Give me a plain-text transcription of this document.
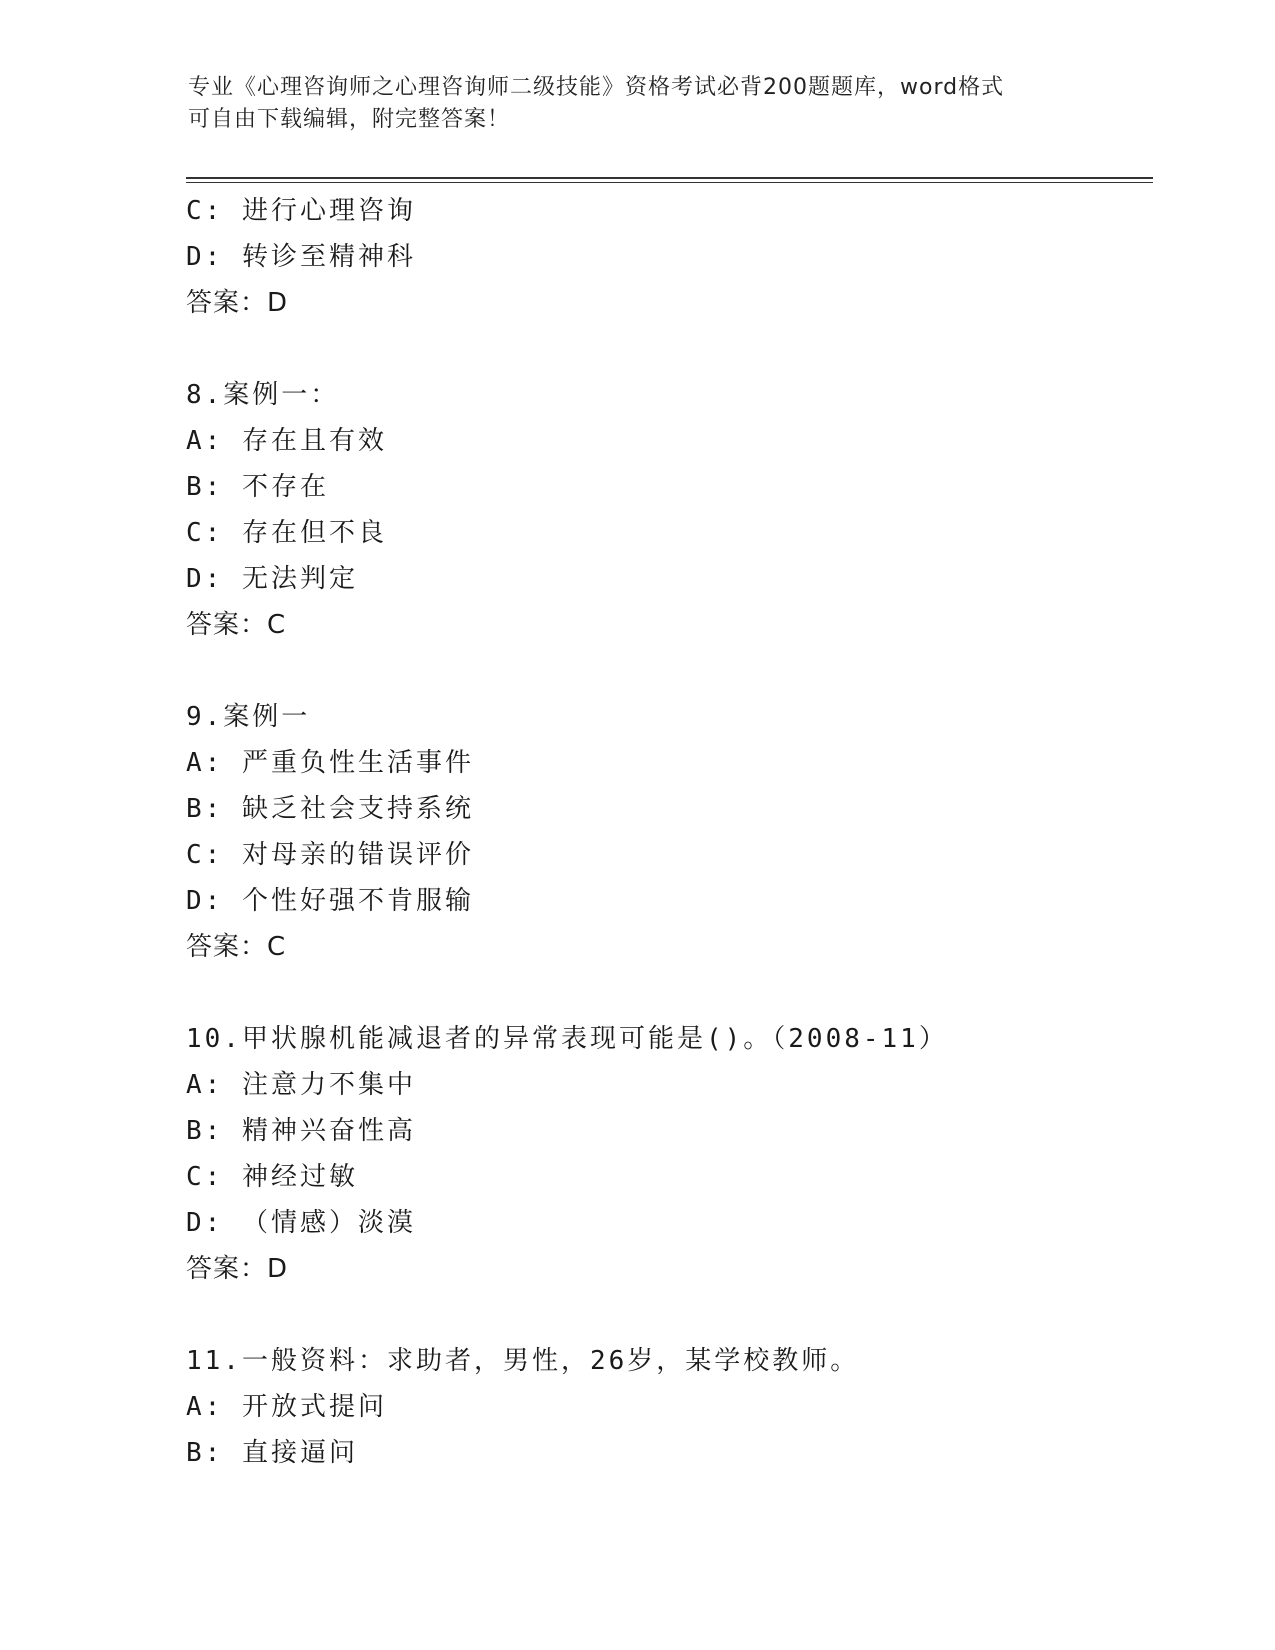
专业《心理咨询师之心理咨询师二级技能》资格考试必背200题题库，word格式
可自由下载编辑，附完整答案！
C: 进行心理咨询
D: 转诊至精神科
答案：D
8.案例一：
A: 存在且有效
B: 不存在
C: 存在但不良
D: 无法判定
答案：C
9.案例一
A: 严重负性生活事件
B: 缺乏社会支持系统
C: 对母亲的错误评价
D: 个性好强不肯服输
答案：C
10.甲状腺机能减退者的异常表现可能是()。（2008-11）
A: 注意力不集中
B: 精神兴奋性高
C: 神经过敏
D: （情感）淡漠
答案：D
11.一般资料：求助者，男性，26岁，某学校教师。
A: 开放式提问
B: 直接逼问
